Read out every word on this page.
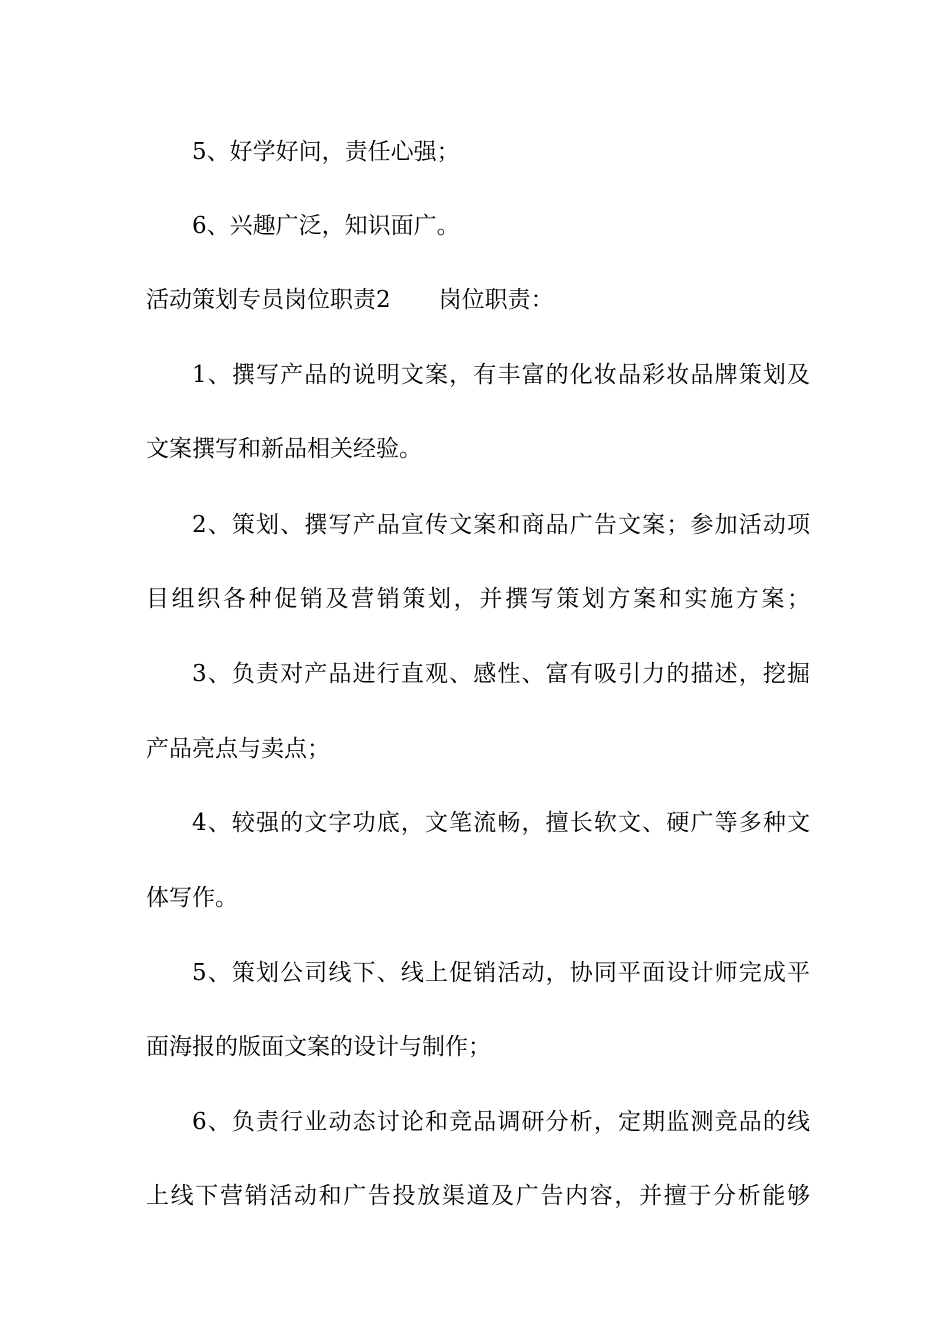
5、好学好问，责任心强；
6、兴趣广泛，知识面广。
活动策划专员岗位职责2 岗位职责：
1、撰写产品的说明文案，有丰富的化妆品彩妆品牌策划及
文案撰写和新品相关经验。
2、策划、撰写产品宣传文案和商品广告文案；参加活动项
目组织各种促销及营销策划，并撰写策划方案和实施方案；
3、负责对产品进行直观、感性、富有吸引力的描述，挖掘
产品亮点与卖点；
4、较强的文字功底，文笔流畅，擅长软文、硬广等多种文
体写作。
5、策划公司线下、线上促销活动，协同平面设计师完成平
面海报的版面文案的设计与制作；
6、负责行业动态讨论和竞品调研分析，定期监测竞品的线
上线下营销活动和广告投放渠道及广告内容，并擅于分析能够
